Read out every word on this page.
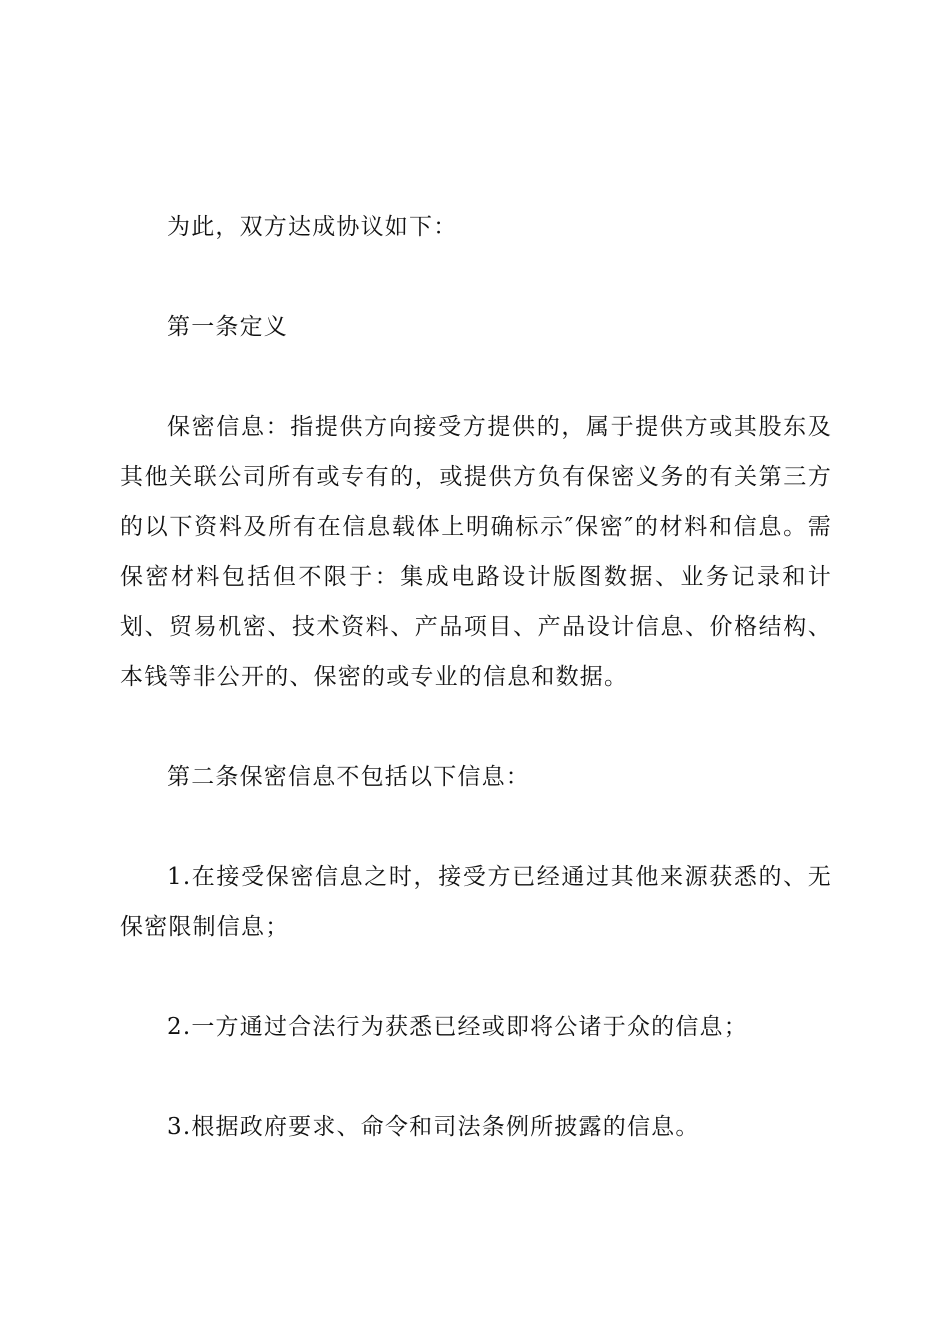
为此，双方达成协议如下：

第一条定义

保密信息：指提供方向接受方提供的，属于提供方或其股东及其他关联公司所有或专有的，或提供方负有保密义务的有关第三方的以下资料及所有在信息载体上明确标示″保密″的材料和信息。需保密材料包括但不限于：集成电路设计版图数据、业务记录和计划、贸易机密、技术资料、产品项目、产品设计信息、价格结构、本钱等非公开的、保密的或专业的信息和数据。

第二条保密信息不包括以下信息：

1.在接受保密信息之时，接受方已经通过其他来源获悉的、无保密限制信息；

2.一方通过合法行为获悉已经或即将公诸于众的信息；

3.根据政府要求、命令和司法条例所披露的信息。
